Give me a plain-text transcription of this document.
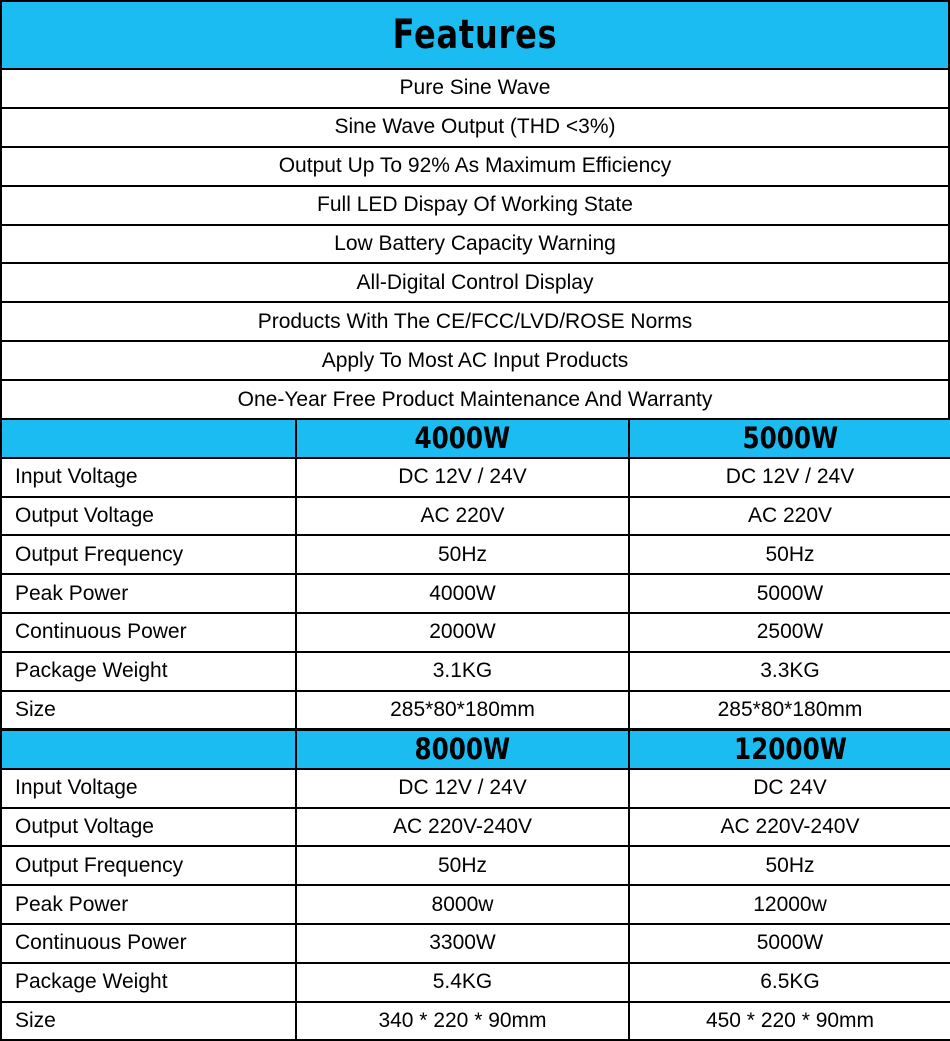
Features
Pure Sine Wave
Sine Wave Output (THD <3%)
Output Up To 92% As Maximum Efficiency
Full LED Dispay Of Working State
Low Battery Capacity Warning
All-Digital Control Display
Products With The CE/FCC/LVD/ROSE Norms
Apply To Most AC Input Products
One-Year Free Product Maintenance And Warranty
	4000W	5000W
Input Voltage	DC 12V / 24V	DC 12V / 24V
Output Voltage	AC 220V	AC 220V
Output Frequency	50Hz	50Hz
Peak Power	4000W	5000W
Continuous Power	2000W	2500W
Package Weight	3.1KG	3.3KG
Size	285*80*180mm	285*80*180mm
	8000W	12000W
Input Voltage	DC 12V / 24V	DC 24V
Output Voltage	AC 220V-240V	AC 220V-240V
Output Frequency	50Hz	50Hz
Peak Power	8000w	12000w
Continuous Power	3300W	5000W
Package Weight	5.4KG	6.5KG
Size	340 * 220 * 90mm	450 * 220 * 90mm
